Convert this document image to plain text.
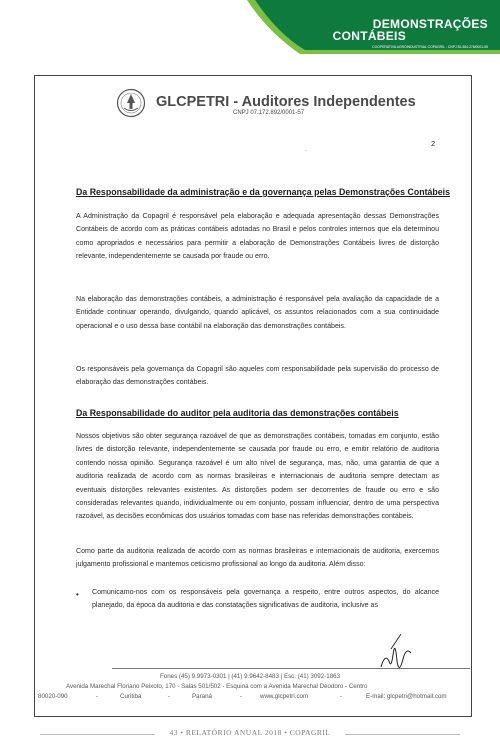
DEMONSTRAÇÕES
CONTÁBEIS
COOPERATIVA AGROINDUSTRIAL COPAGRIL - CNPJ 81.584.278/0001-55
GLCPETRI - Auditores Independentes
CNPJ 07.172.892/0001-57
2
.
Da Responsabilidade da administração e da governança pelas Demonstrações Contábeis
A Administração da Copagril é responsável pela elaboração e adequada apresentação dessas Demonstrações Contábeis de acordo com as práticas contábeis adotadas no Brasil e pelos controles internos que ela determinou como apropriados e necessários para permitir a elaboração de Demonstrações Contábeis livres de distorção relevante, independentemente se causada por fraude ou erro.
Na elaboração das demonstrações contábeis, a administração é responsável pela avaliação da capacidade de a Entidade continuar operando, divulgando, quando aplicável, os assuntos relacionados com a sua continuidade operacional e o uso dessa base contábil na elaboração das demonstrações contábeis.
Os responsáveis pela governança da Copagril são aqueles com responsabilidade pela supervisão do processo de elaboração das demonstrações contábeis.
Da Responsabilidade do auditor pela auditoria das demonstrações contábeis
Nossos objetivos são obter segurança razoável de que as demonstrações contábeis, tomadas em conjunto, estão livres de distorção relevante, independentemente se causada por fraude ou erro, e emitir relatório de auditoria contendo nossa opinião. Segurança razoável é um alto nível de segurança, mas, não, uma garantia de que a auditoria realizada de acordo com as normas brasileiras e internacionais de auditoria sempre detectam as eventuais distorções relevantes existentes. As distorções podem ser decorrentes de fraude ou erro e são consideradas relevantes quando, individualmente ou em conjunto, possam influenciar, dentro de uma perspectiva razoável, as decisões econômicas dos usuários tomadas com base nas referidas demonstrações contábeis.
Como parte da auditoria realizada de acordo com as normas brasileiras e internacionais de auditoria, exercemos julgamento profissional e mantemos ceticismo profissional ao longo da auditoria. Além disso:
• Comunicamo-nos com os responsáveis pela governança a respeito, entre outros aspectos, do alcance planejado, da época da auditoria e das constatações significativas de auditoria, inclusive as
Fones (45) 9.9973-0301 | (41) 9.9642-8483 | Esc. (41) 3092-1863
Avenida Marechal Floriano Peixoto, 170 - Salas 501/502 - Esquina com a Avenida Marechal Deodoro - Centro
80020-090	-	Curitiba	-	Paraná	-	www.glcpetri.com	-	E-mail: glcpetri@hotmail.com
43 • RELATÓRIO ANUAL 2018 • COPAGRIL
